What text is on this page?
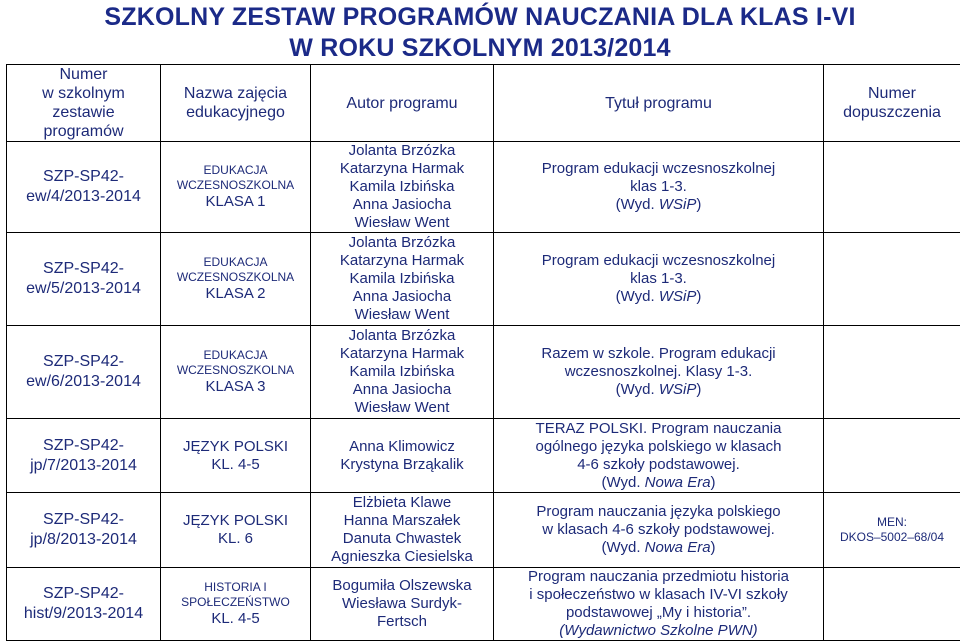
SZKOLNY ZESTAW PROGRAMÓW NAUCZANIA DLA KLAS I-VI
W ROKU SZKOLNYM 2013/2014
Numer
w szkolnym
zestawie
programów	Nazwa zajęcia
edukacyjnego	Autor programu	Tytuł programu	Numer
dopuszczenia

SZP-SP42-
ew/4/2013-2014	EDUKACJA
WCZESNOSZKOLNA
KLASA 1	Jolanta Brzózka
Katarzyna Harmak
Kamila Izbińska
Anna Jasiocha
Wiesław Went	Program edukacji wczesnoszkolnej
klas 1-3.
(Wyd. WSiP)	

SZP-SP42-
ew/5/2013-2014	EDUKACJA
WCZESNOSZKOLNA
KLASA 2	Jolanta Brzózka
Katarzyna Harmak
Kamila Izbińska
Anna Jasiocha
Wiesław Went	Program edukacji wczesnoszkolnej
klas 1-3.
(Wyd. WSiP)	

SZP-SP42-
ew/6/2013-2014	EDUKACJA
WCZESNOSZKOLNA
KLASA 3	Jolanta Brzózka
Katarzyna Harmak
Kamila Izbińska
Anna Jasiocha
Wiesław Went	Razem w szkole. Program edukacji
wczesnoszkolnej. Klasy 1-3.
(Wyd. WSiP)	

SZP-SP42-
jp/7/2013-2014	JĘZYK POLSKI
KL. 4-5	Anna Klimowicz
Krystyna Brząkalik	TERAZ POLSKI. Program nauczania
ogólnego języka polskiego w klasach
4-6 szkoły podstawowej.
(Wyd. Nowa Era)	

SZP-SP42-
jp/8/2013-2014	JĘZYK POLSKI
KL. 6	Elżbieta Klawe
Hanna Marszałek
Danuta Chwastek
Agnieszka Ciesielska	Program nauczania języka polskiego
w klasach 4-6 szkoły podstawowej.
(Wyd. Nowa Era)	MEN:
DKOS–5002–68/04

SZP-SP42-
hist/9/2013-2014	HISTORIA I
SPOŁECZEŃSTWO
KL. 4-5	Bogumiła Olszewska
Wiesława Surdyk-
Fertsch	Program nauczania przedmiotu historia
i społeczeństwo w klasach IV-VI szkoły
podstawowej „My i historia”.
(Wydawnictwo Szkolne PWN)	
